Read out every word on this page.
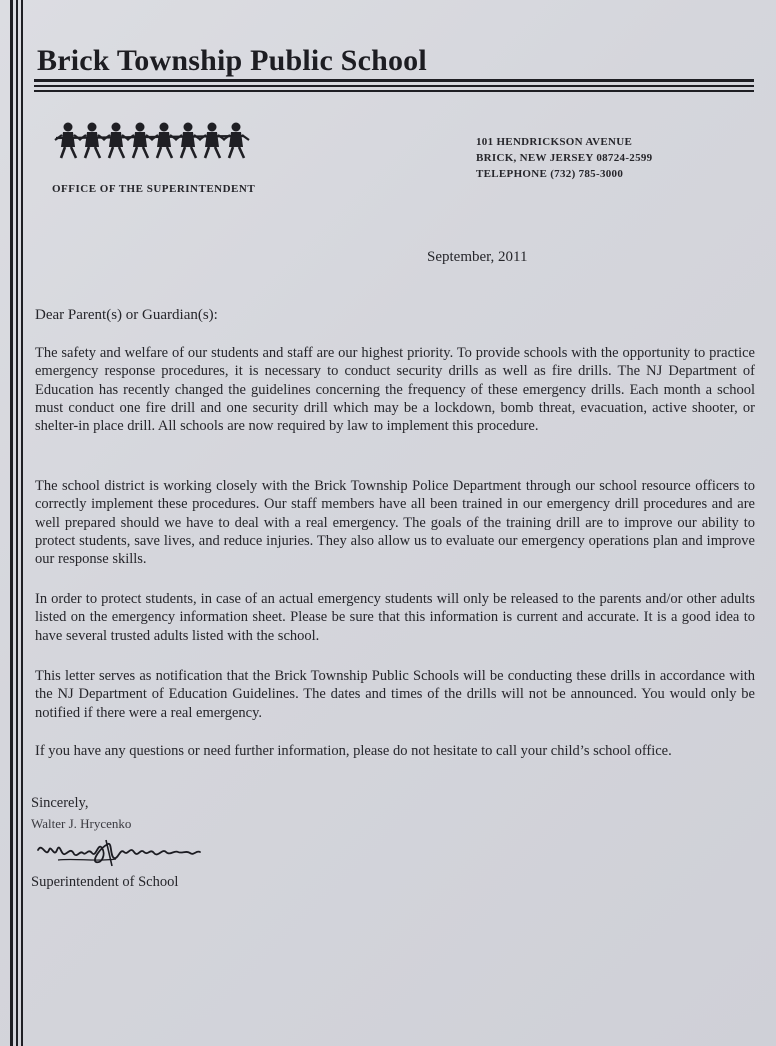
Brick Township Public School
OFFICE OF THE SUPERINTENDENT
101 HENDRICKSON AVENUE
BRICK, NEW JERSEY 08724-2599
TELEPHONE (732) 785-3000
September, 2011
Dear Parent(s) or Guardian(s):

The safety and welfare of our students and staff are our highest priority. To provide schools with the opportunity to practice emergency response procedures, it is necessary to conduct security drills as well as fire drills. The NJ Department of Education has recently changed the guidelines concerning the frequency of these emergency drills. Each month a school must conduct one fire drill and one security drill which may be a lockdown, bomb threat, evacuation, active shooter, or shelter-in place drill. All schools are now required by law to implement this procedure.

The school district is working closely with the Brick Township Police Department through our school resource officers to correctly implement these procedures. Our staff members have all been trained in our emergency drill procedures and are well prepared should we have to deal with a real emergency. The goals of the training drill are to improve our ability to protect students, save lives, and reduce injuries. They also allow us to evaluate our emergency operations plan and improve our response skills.

In order to protect students, in case of an actual emergency students will only be released to the parents and/or other adults listed on the emergency information sheet. Please be sure that this information is current and accurate. It is a good idea to have several trusted adults listed with the school.

This letter serves as notification that the Brick Township Public Schools will be conducting these drills in accordance with the NJ Department of Education Guidelines. The dates and times of the drills will not be announced. You would only be notified if there were a real emergency.

If you have any questions or need further information, please do not hesitate to call your child’s school office.

Sincerely,
Walter J. Hrycenko
Superintendent of School
